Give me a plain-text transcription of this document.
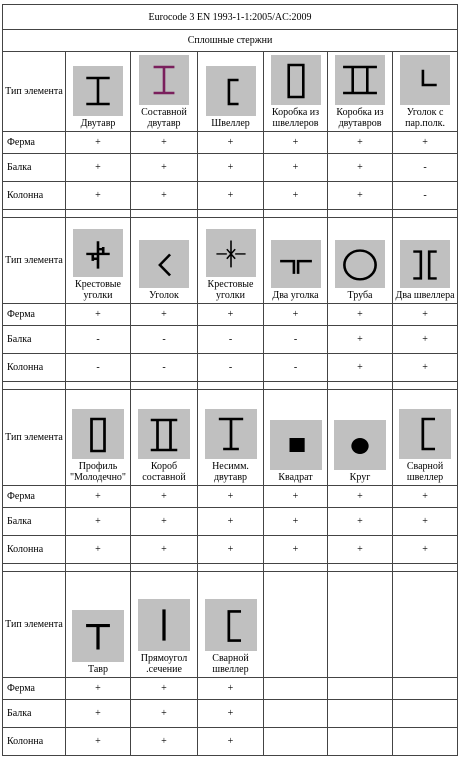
Eurocode 3 EN 1993-1-1:2005/AC:2009						
Сплошные стержни						
Тип элемента	Двутавр	Составной двутавр	Швеллер	Коробка из швеллеров	Коробка из двутавров	Уголок с пар.полк.

Ферма	+	+	+	+	+	+
Балка	+	+	+	+	+	-
Колонна	+	+	+	+	+	-

Тип элемента	Крестовые уголки	Уголок	Крестовые уголки	Два уголка	Труба	Два швеллера

Ферма	+	+	+	+	+	+
Балка	-	-	-	-	+	+
Колонна	-	-	-	-	+	+

Тип элемента	Профиль "Молодечно"	Короб составной	Несимм. двутавр	Квадрат	Круг	Сварной швеллер

Ферма	+	+	+	+	+	+
Балка	+	+	+	+	+	+
Колонна	+	+	+	+	+	+

Тип элемента	Тавр	Прямоугол .сечение	Сварной швеллер			

Ферма	+	+	+			
Балка	+	+	+			
Колонна	+	+	+			
